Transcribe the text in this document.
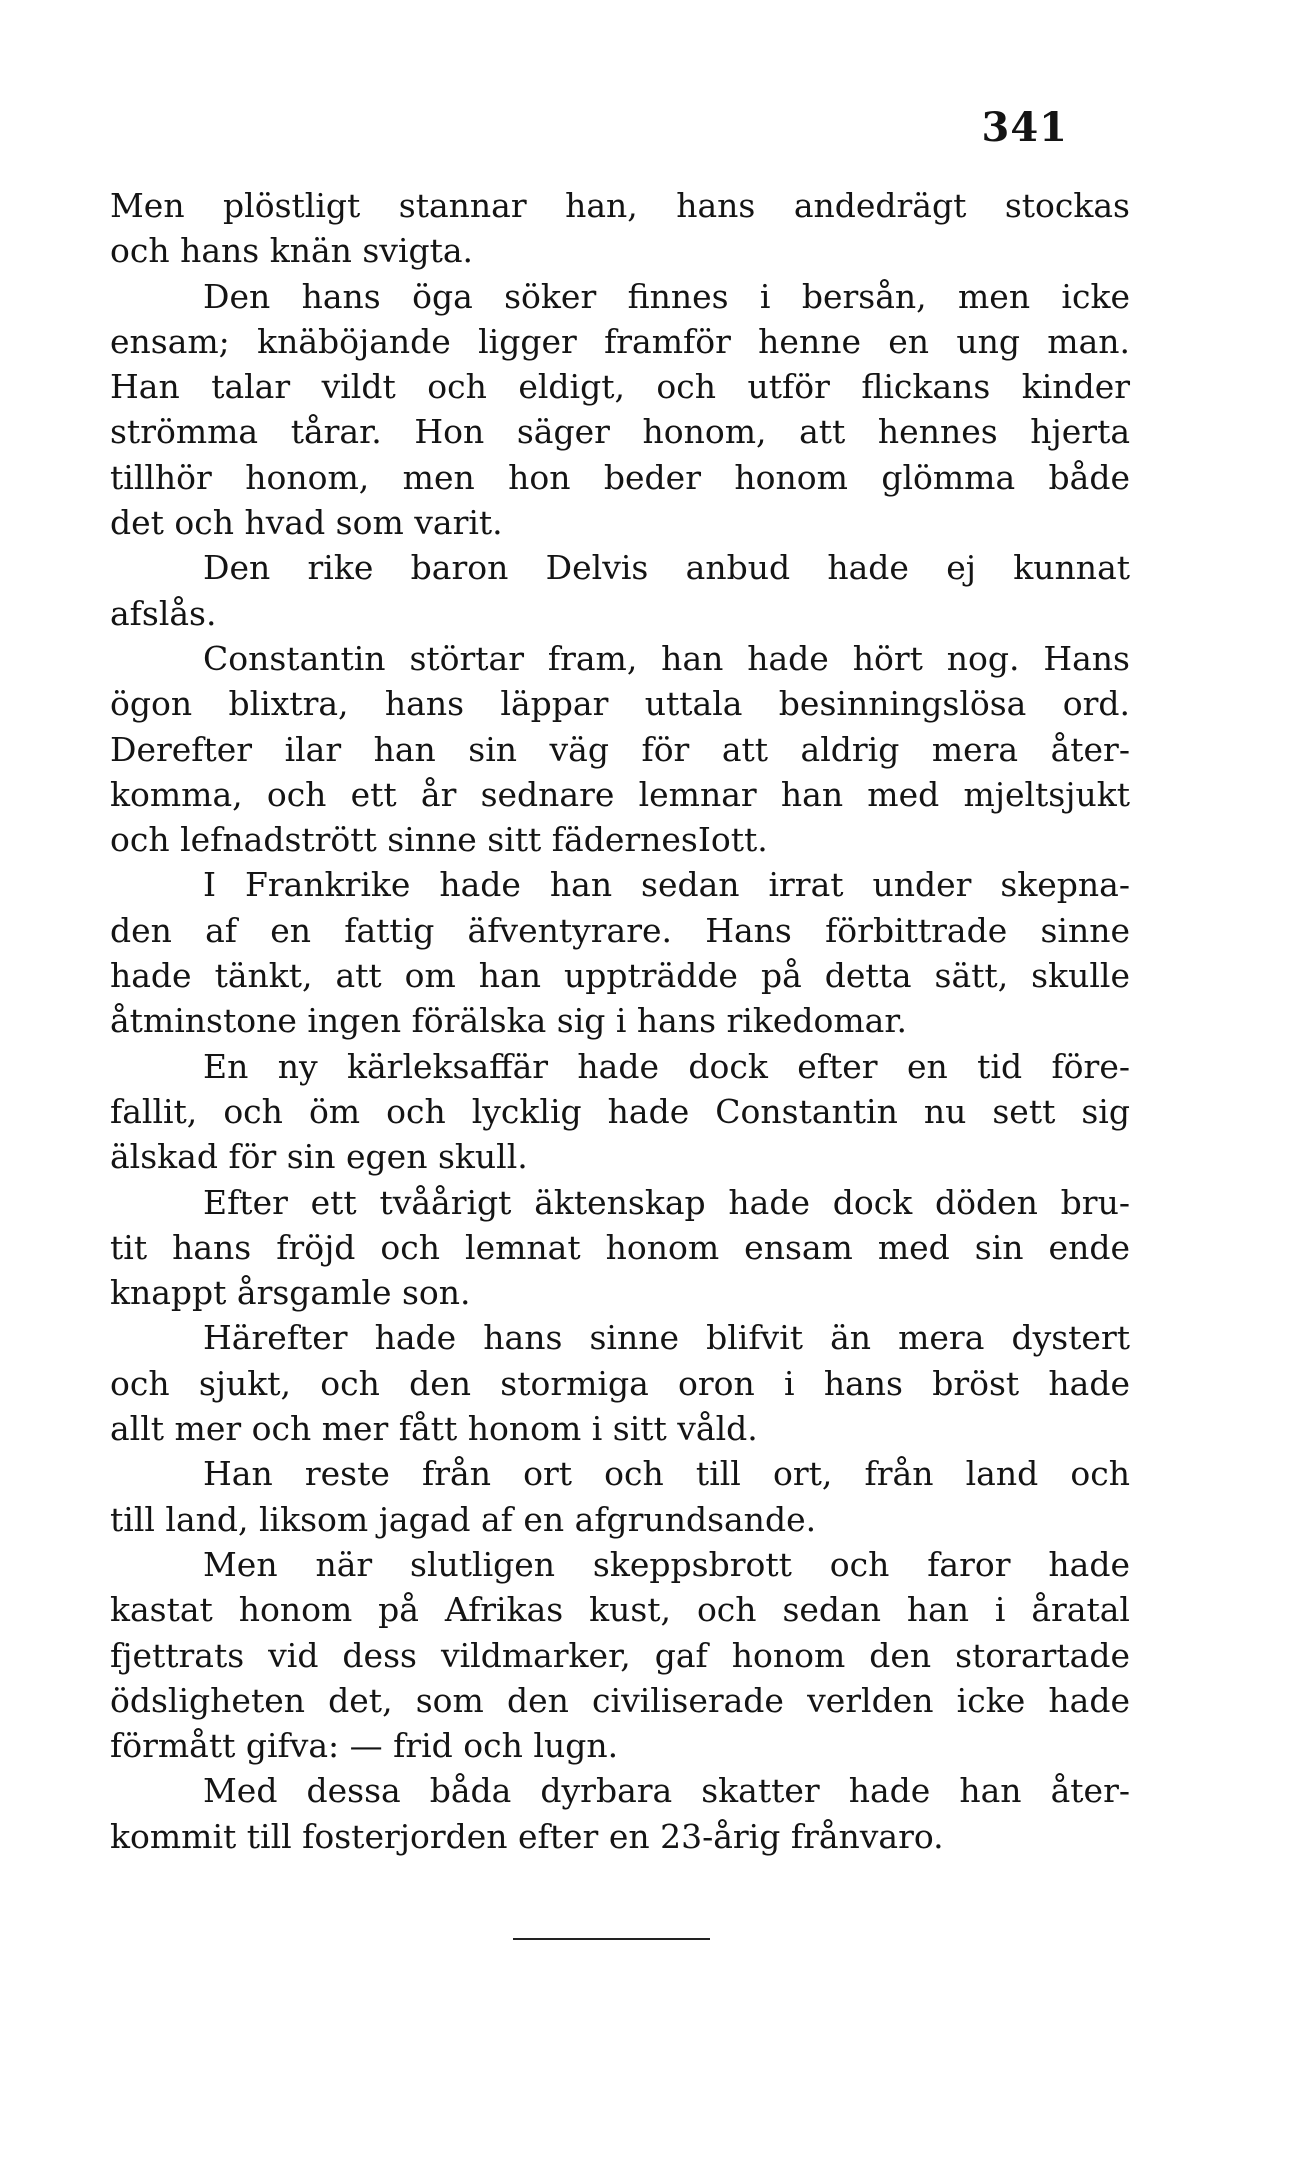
341
Men plöstligt stannar han, hans andedrägt stockas
och hans knän svigta.
Den hans öga söker finnes i bersån, men icke
ensam; knäböjande ligger framför henne en ung man.
Han talar vildt och eldigt, och utför flickans kinder
strömma tårar. Hon säger honom, att hennes hjerta
tillhör honom, men hon beder honom glömma både
det och hvad som varit.
Den rike baron Delvis anbud hade ej kunnat
afslås.
Constantin störtar fram, han hade hört nog. Hans
ögon blixtra, hans läppar uttala besinningslösa ord.
Derefter ilar han sin väg för att aldrig mera åter-
komma, och ett år sednare lemnar han med mjeltsjukt
och lefnadstrött sinne sitt fädernesIott.
I Frankrike hade han sedan irrat under skepna-
den af en fattig äfventyrare. Hans förbittrade sinne
hade tänkt, att om han uppträdde på detta sätt, skulle
åtminstone ingen förälska sig i hans rikedomar.
En ny kärleksaffär hade dock efter en tid före-
fallit, och öm och lycklig hade Constantin nu sett sig
älskad för sin egen skull.
Efter ett tvåårigt äktenskap hade dock döden bru-
tit hans fröjd och lemnat honom ensam med sin ende
knappt årsgamle son.
Härefter hade hans sinne blifvit än mera dystert
och sjukt, och den stormiga oron i hans bröst hade
allt mer och mer fått honom i sitt våld.
Han reste från ort och till ort, från land och
till land, liksom jagad af en afgrundsande.
Men när slutligen skeppsbrott och faror hade
kastat honom på Afrikas kust, och sedan han i åratal
fjettrats vid dess vildmarker, gaf honom den storartade
ödsligheten det, som den civiliserade verlden icke hade
förmått gifva: — frid och lugn.
Med dessa båda dyrbara skatter hade han åter-
kommit till fosterjorden efter en 23-årig frånvaro.
